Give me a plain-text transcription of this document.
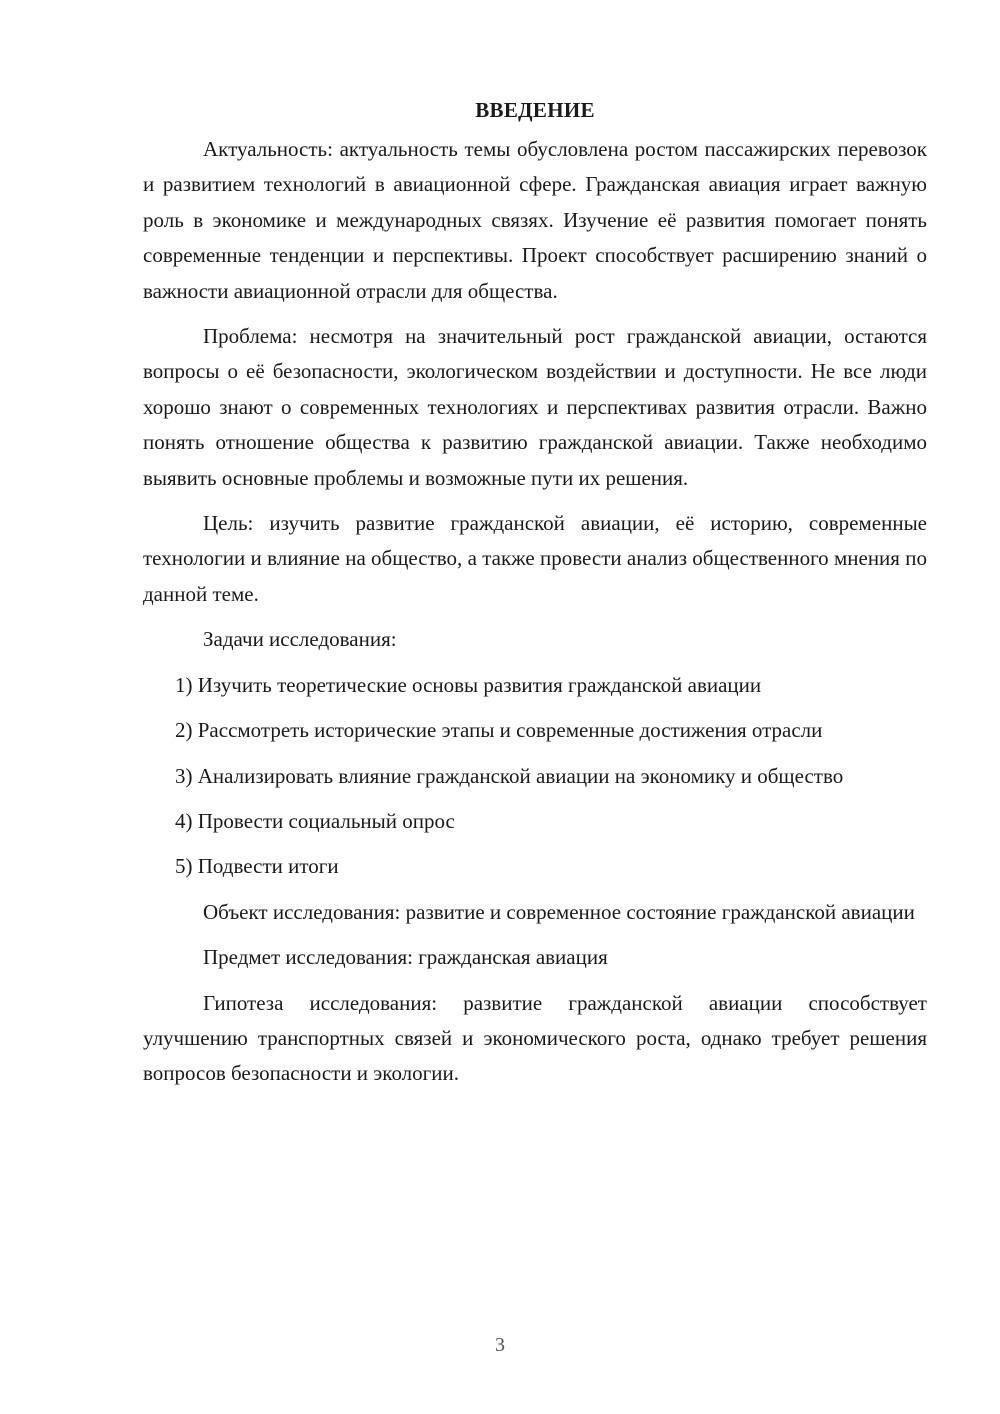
ВВЕДЕНИЕ

Актуальность: актуальность темы обусловлена ростом пассажирских перевозок и развитием технологий в авиационной сфере. Гражданская авиация играет важную роль в экономике и международных связях. Изучение её развития помогает понять современные тенденции и перспективы. Проект способствует расширению знаний о важности авиационной отрасли для общества.

Проблема: несмотря на значительный рост гражданской авиации, остаются вопросы о её безопасности, экологическом воздействии и доступности. Не все люди хорошо знают о современных технологиях и перспективах развития отрасли. Важно понять отношение общества к развитию гражданской авиации. Также необходимо выявить основные проблемы и возможные пути их решения.

Цель: изучить развитие гражданской авиации, её историю, современные технологии и влияние на общество, а также провести анализ общественного мнения по данной теме.

Задачи исследования:

1) Изучить теоретические основы развития гражданской авиации

2) Рассмотреть исторические этапы и современные достижения отрасли

3) Анализировать влияние гражданской авиации на экономику и общество

4) Провести социальный опрос

5) Подвести итоги

Объект исследования: развитие и современное состояние гражданской авиации

Предмет исследования: гражданская авиация

Гипотеза исследования: развитие гражданской авиации способствует улучшению транспортных связей и экономического роста, однако требует решения вопросов безопасности и экологии.

3
